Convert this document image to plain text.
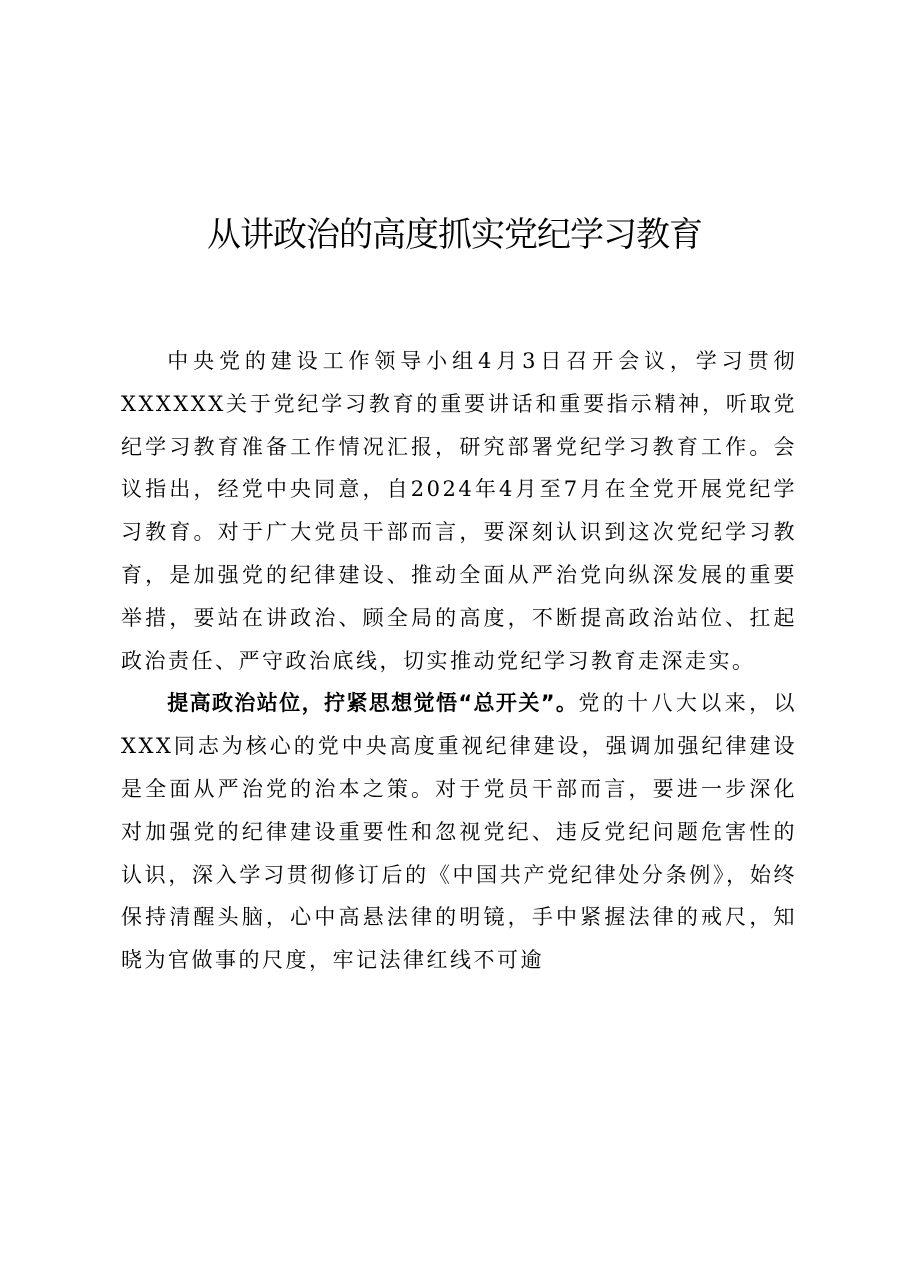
从讲政治的高度抓实党纪学习教育

中央党的建设工作领导小组4月3日召开会议，学习贯彻XXXXXX关于党纪学习教育的重要讲话和重要指示精神，听取党纪学习教育准备工作情况汇报，研究部署党纪学习教育工作。会议指出，经党中央同意，自2024年4月至7月在全党开展党纪学习教育。对于广大党员干部而言，要深刻认识到这次党纪学习教育，是加强党的纪律建设、推动全面从严治党向纵深发展的重要举措，要站在讲政治、顾全局的高度，不断提高政治站位、扛起政治责任、严守政治底线，切实推动党纪学习教育走深走实。

提高政治站位，拧紧思想觉悟“总开关”。党的十八大以来，以XXX同志为核心的党中央高度重视纪律建设，强调加强纪律建设是全面从严治党的治本之策。对于党员干部而言，要进一步深化对加强党的纪律建设重要性和忽视党纪、违反党纪问题危害性的认识，深入学习贯彻修订后的《中国共产党纪律处分条例》，始终保持清醒头脑，心中高悬法律的明镜，手中紧握法律的戒尺，知晓为官做事的尺度，牢记法律红线不可逾
